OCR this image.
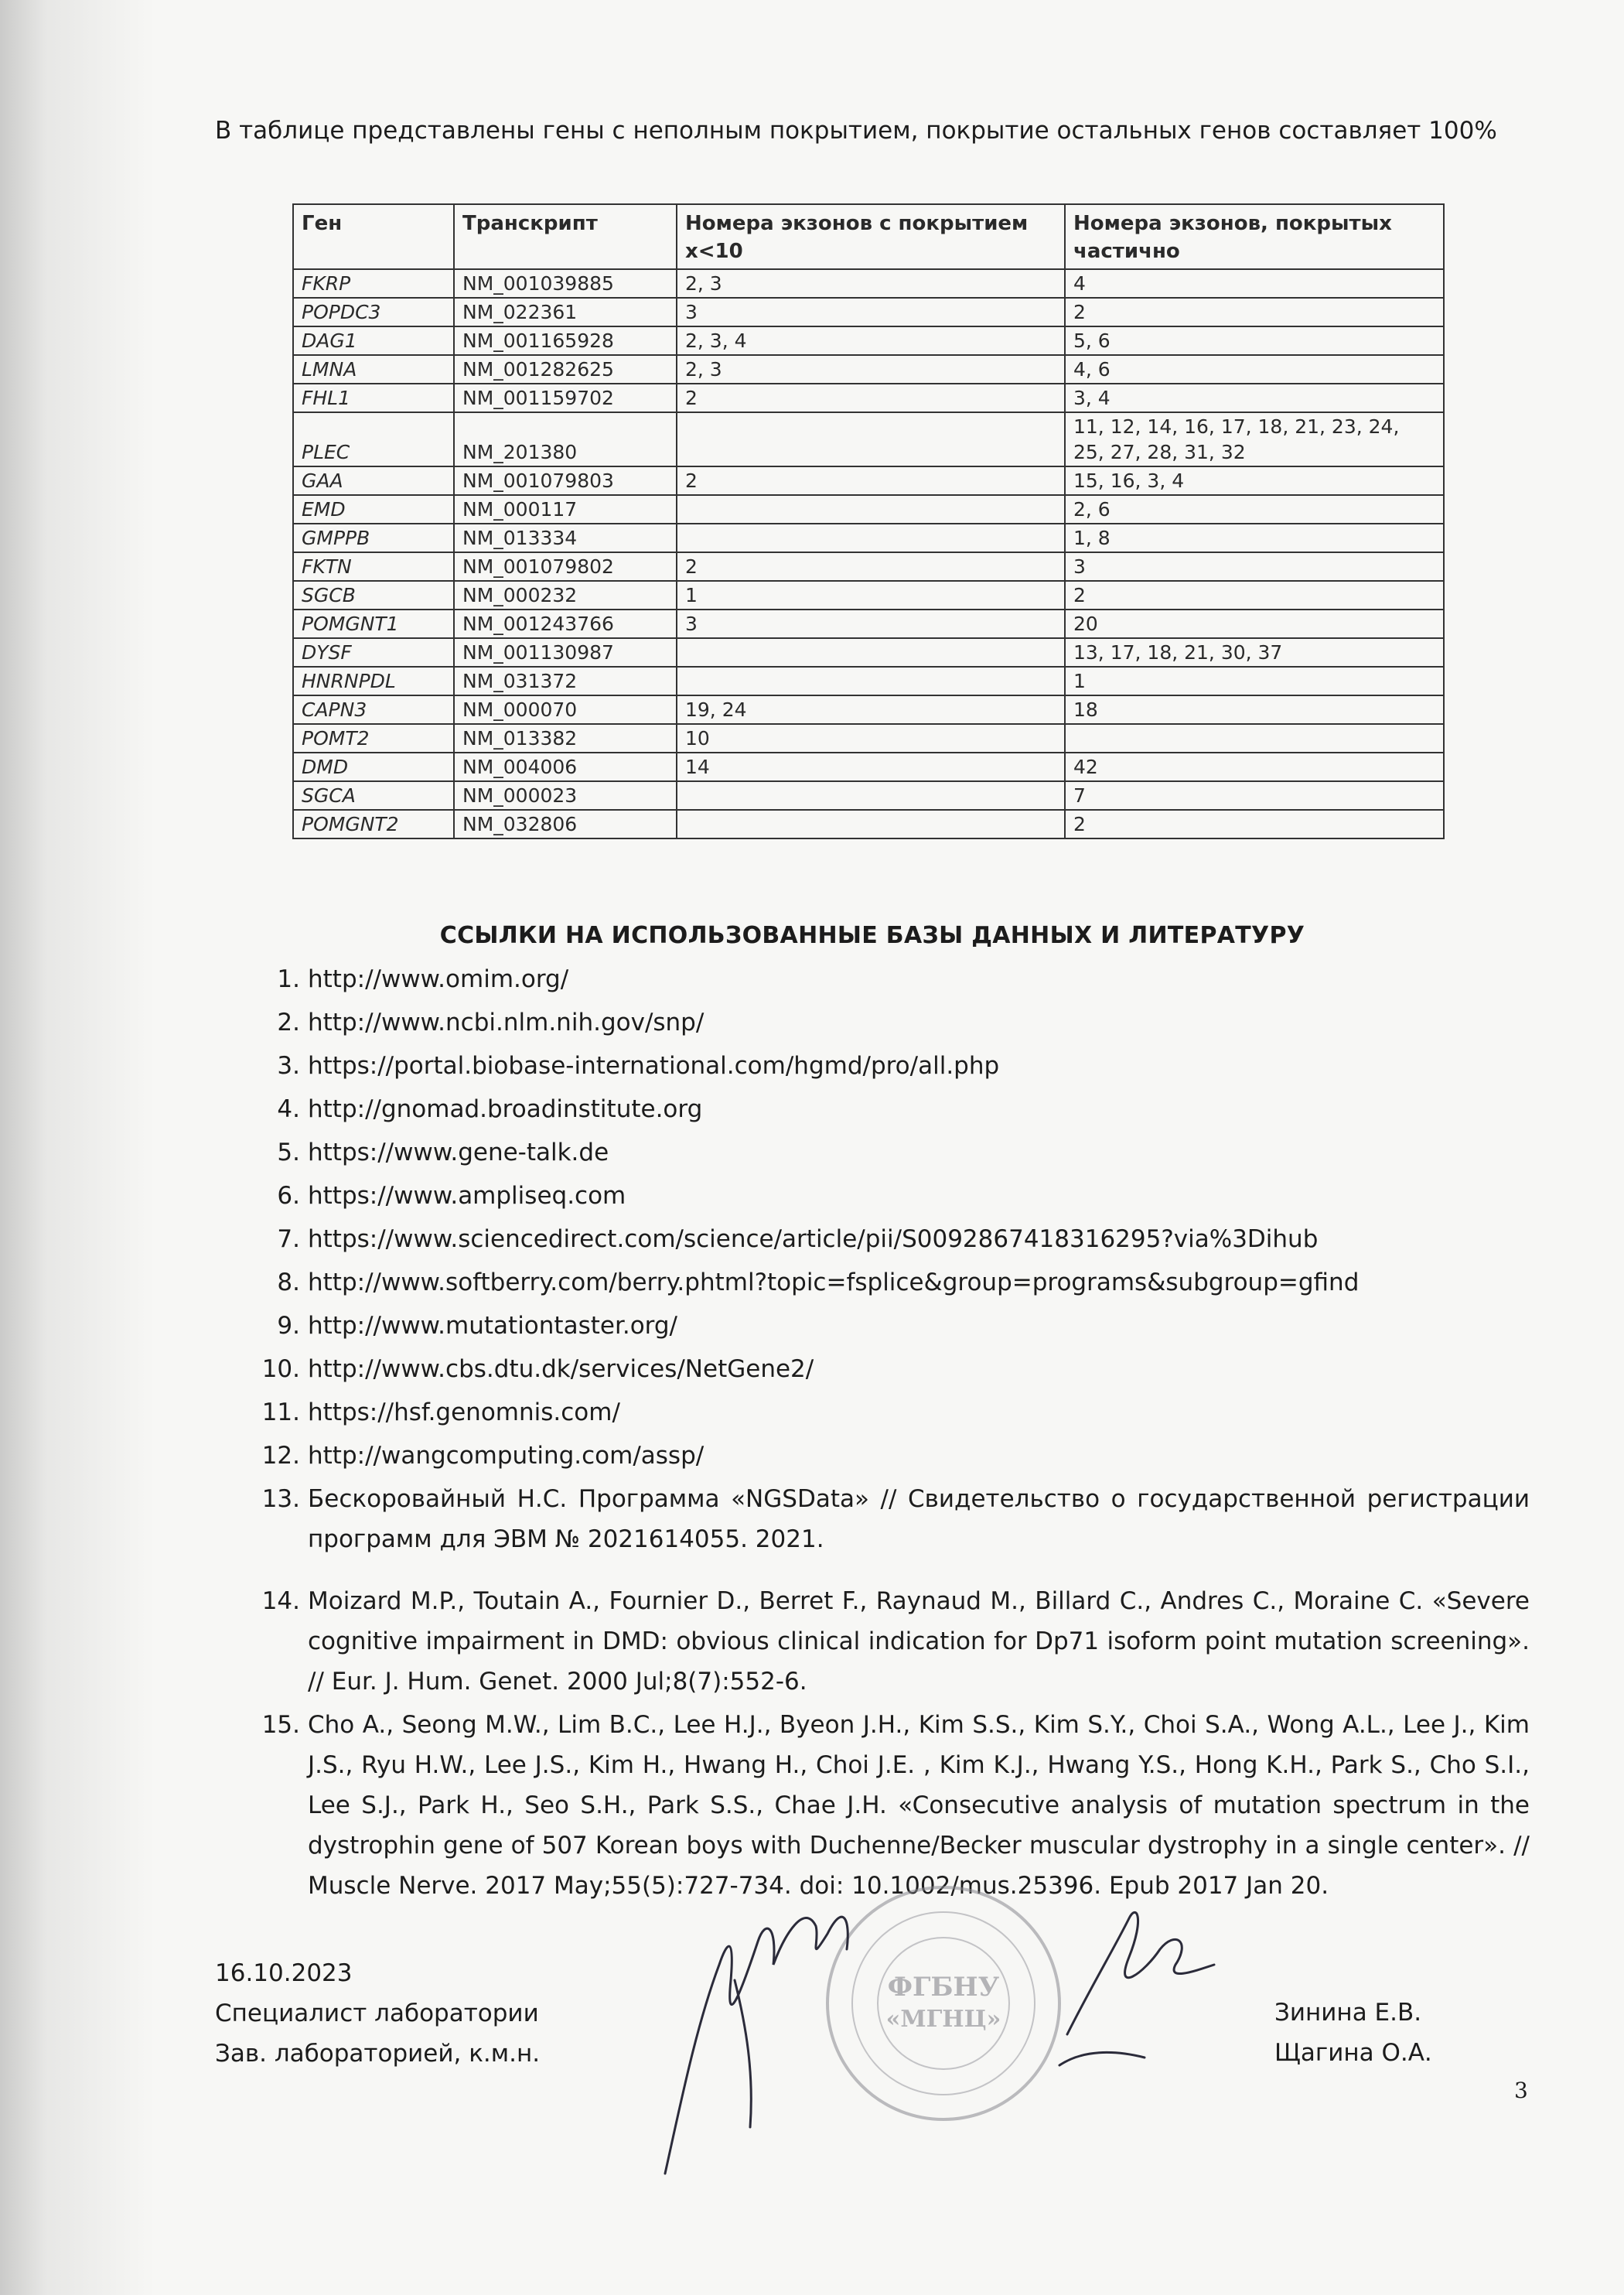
В таблице представлены гены с неполным покрытием, покрытие остальных генов составляет 100%

Ген	Транскрипт	Номера экзонов с покрытием х<10	Номера экзонов, покрытых частично
FKRP	NM_001039885	2, 3	4
POPDC3	NM_022361	3	2
DAG1	NM_001165928	2, 3, 4	5, 6
LMNA	NM_001282625	2, 3	4, 6
FHL1	NM_001159702	2	3, 4
PLEC	NM_201380		11, 12, 14, 16, 17, 18, 21, 23, 24, 25, 27, 28, 31, 32
GAA	NM_001079803	2	15, 16, 3, 4
EMD	NM_000117		2, 6
GMPPB	NM_013334		1, 8
FKTN	NM_001079802	2	3
SGCB	NM_000232	1	2
POMGNT1	NM_001243766	3	20
DYSF	NM_001130987		13, 17, 18, 21, 30, 37
HNRNPDL	NM_031372		1
CAPN3	NM_000070	19, 24	18
POMT2	NM_013382	10	
DMD	NM_004006	14	42
SGCA	NM_000023		7
POMGNT2	NM_032806		2
ССЫЛКИ НА ИСПОЛЬЗОВАННЫЕ БАЗЫ ДАННЫХ И ЛИТЕРАТУРУ
1. http://www.omim.org/
2. http://www.ncbi.nlm.nih.gov/snp/
3. https://portal.biobase-international.com/hgmd/pro/all.php
4. http://gnomad.broadinstitute.org
5. https://www.gene-talk.de
6. https://www.ampliseq.com
7. https://www.sciencedirect.com/science/article/pii/S0092867418316295?via%3Dihub
8. http://www.softberry.com/berry.phtml?topic=fsplice&group=programs&subgroup=gfind
9. http://www.mutationtaster.org/
10. http://www.cbs.dtu.dk/services/NetGene2/
11. https://hsf.genomnis.com/
12. http://wangcomputing.com/assp/
13. Бескоровайный Н.С. Программа «NGSData» // Свидетельство о государственной регистрации программ для ЭВМ № 2021614055. 2021.
14. Moizard M.P., Toutain A., Fournier D., Berret F., Raynaud M., Billard C., Andres C., Moraine C. «Severe cognitive impairment in DMD: obvious clinical indication for Dp71 isoform point mutation screening». // Eur. J. Hum. Genet. 2000 Jul;8(7):552-6.
15. Cho A., Seong M.W., Lim B.C., Lee H.J., Byeon J.H., Kim S.S., Kim S.Y., Choi S.A., Wong A.L., Lee J., Kim J.S., Ryu H.W., Lee J.S., Kim H., Hwang H., Choi J.E. , Kim K.J., Hwang Y.S., Hong K.H., Park S., Cho S.I., Lee S.J., Park H., Seo S.H., Park S.S., Chae J.H. «Consecutive analysis of mutation spectrum in the dystrophin gene of 507 Korean boys with Duchenne/Becker muscular dystrophy in a single center». // Muscle Nerve. 2017 May;55(5):727-734. doi: 10.1002/mus.25396. Epub 2017 Jan 20.
16.10.2023
Специалист лаборатории
Зав. лабораторией, к.м.н.
Зинина Е.В.
Щагина О.А.
ФГБНУ
«МГНЦ»
3
